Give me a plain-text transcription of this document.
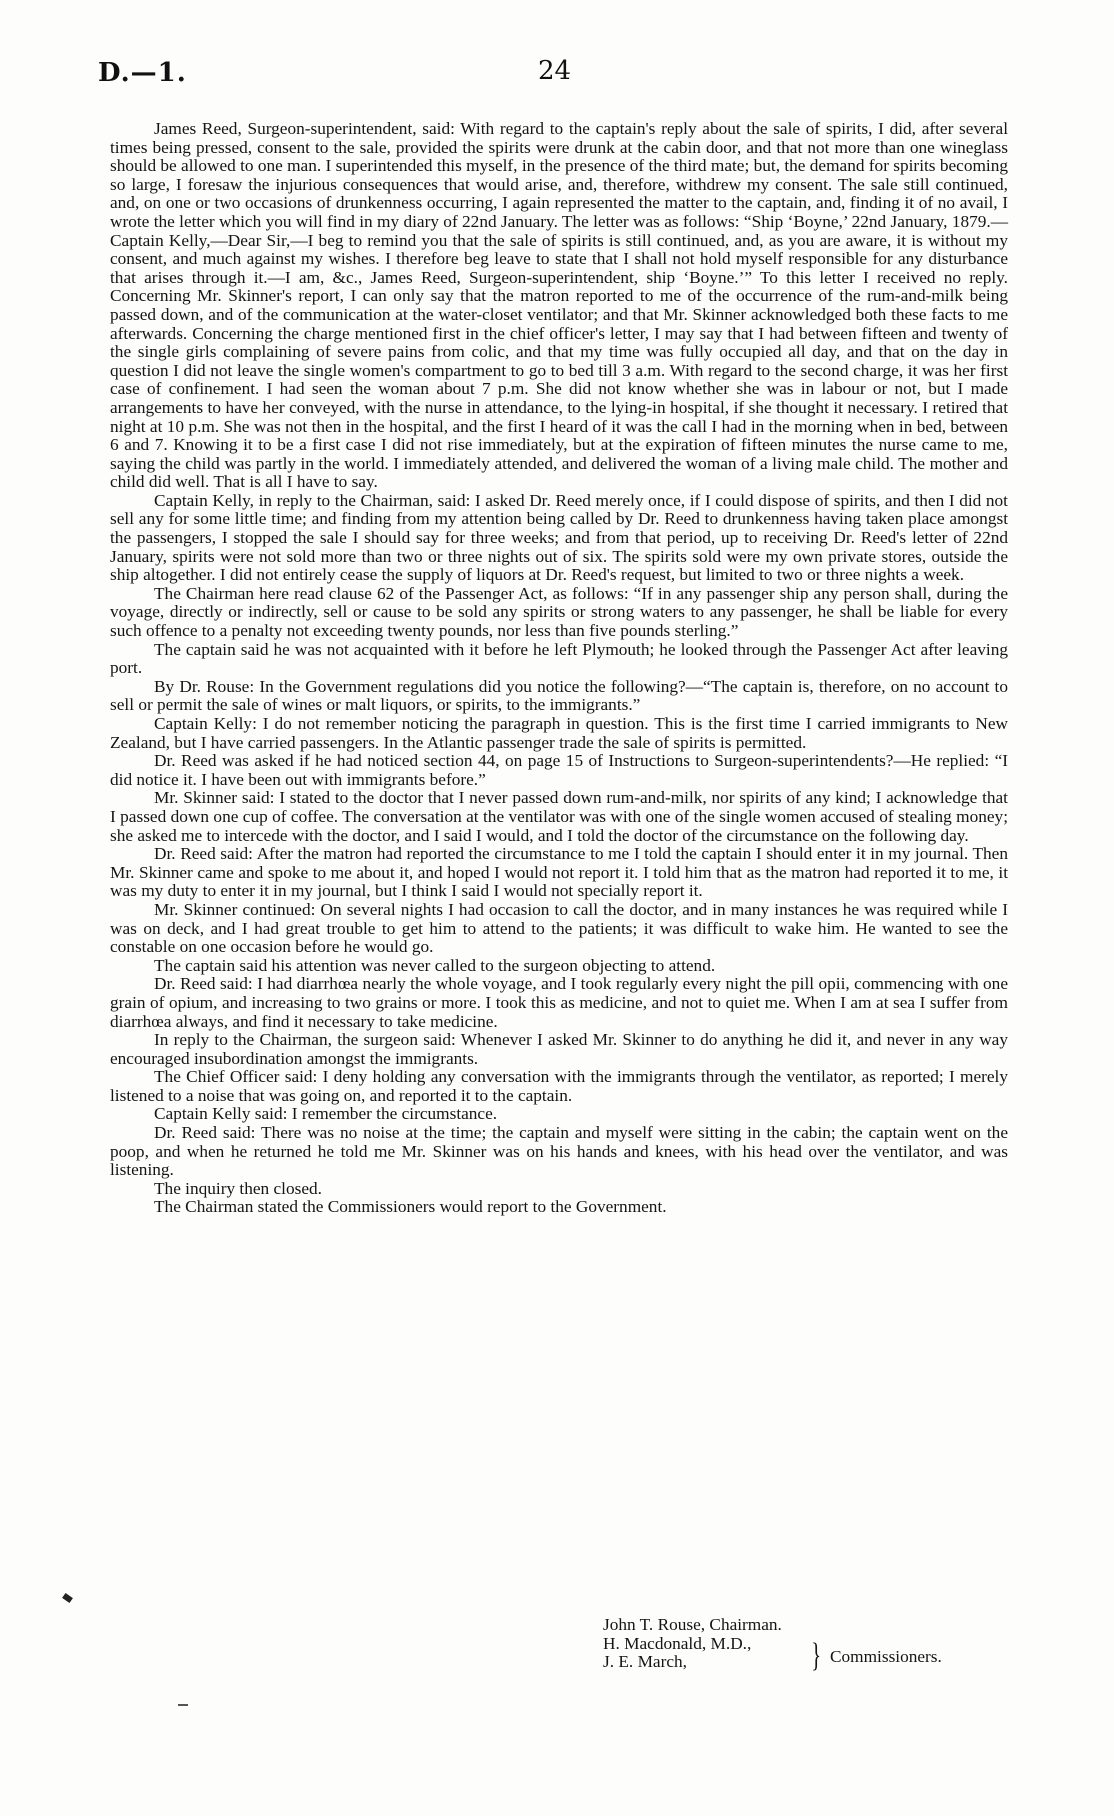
D.—1.	24

James Reed, Surgeon-superintendent, said: With regard to the captain's reply about the sale of spirits, I did, after several times being pressed, consent to the sale, provided the spirits were drunk at the cabin door, and that not more than one wineglass should be allowed to one man. I superintended this myself, in the presence of the third mate; but, the demand for spirits becoming so large, I foresaw the injurious consequences that would arise, and, therefore, withdrew my consent. The sale still continued, and, on one or two occasions of drunkenness occurring, I again represented the matter to the captain, and, finding it of no avail, I wrote the letter which you will find in my diary of 22nd January. The letter was as follows: “Ship ‘Boyne,’ 22nd January, 1879.—Captain Kelly,—Dear Sir,—I beg to remind you that the sale of spirits is still continued, and, as you are aware, it is without my consent, and much against my wishes. I therefore beg leave to state that I shall not hold myself responsible for any disturbance that arises through it.—I am, &c., James Reed, Surgeon-superintendent, ship ‘Boyne.’” To this letter I received no reply. Concerning Mr. Skinner's report, I can only say that the matron reported to me of the occurrence of the rum-and-milk being passed down, and of the communication at the water-closet ventilator; and that Mr. Skinner acknowledged both these facts to me afterwards. Concerning the charge mentioned first in the chief officer's letter, I may say that I had between fifteen and twenty of the single girls complaining of severe pains from colic, and that my time was fully occupied all day, and that on the day in question I did not leave the single women's compartment to go to bed till 3 a.m. With regard to the second charge, it was her first case of confinement. I had seen the woman about 7 p.m. She did not know whether she was in labour or not, but I made arrangements to have her conveyed, with the nurse in attendance, to the lying-in hospital, if she thought it necessary. I retired that night at 10 p.m. She was not then in the hospital, and the first I heard of it was the call I had in the morning when in bed, between 6 and 7. Knowing it to be a first case I did not rise immediately, but at the expiration of fifteen minutes the nurse came to me, saying the child was partly in the world. I immediately attended, and delivered the woman of a living male child. The mother and child did well. That is all I have to say.

Captain Kelly, in reply to the Chairman, said: I asked Dr. Reed merely once, if I could dispose of spirits, and then I did not sell any for some little time; and finding from my attention being called by Dr. Reed to drunkenness having taken place amongst the passengers, I stopped the sale I should say for three weeks; and from that period, up to receiving Dr. Reed's letter of 22nd January, spirits were not sold more than two or three nights out of six. The spirits sold were my own private stores, outside the ship altogether. I did not entirely cease the supply of liquors at Dr. Reed's request, but limited to two or three nights a week.

The Chairman here read clause 62 of the Passenger Act, as follows: “If in any passenger ship any person shall, during the voyage, directly or indirectly, sell or cause to be sold any spirits or strong waters to any passenger, he shall be liable for every such offence to a penalty not exceeding twenty pounds, nor less than five pounds sterling.”

The captain said he was not acquainted with it before he left Plymouth; he looked through the Passenger Act after leaving port.

By Dr. Rouse: In the Government regulations did you notice the following?—“The captain is, therefore, on no account to sell or permit the sale of wines or malt liquors, or spirits, to the immigrants.”

Captain Kelly: I do not remember noticing the paragraph in question. This is the first time I carried immigrants to New Zealand, but I have carried passengers. In the Atlantic passenger trade the sale of spirits is permitted.

Dr. Reed was asked if he had noticed section 44, on page 15 of Instructions to Surgeon-superintendents?—He replied: “I did notice it. I have been out with immigrants before.”

Mr. Skinner said: I stated to the doctor that I never passed down rum-and-milk, nor spirits of any kind; I acknowledge that I passed down one cup of coffee. The conversation at the ventilator was with one of the single women accused of stealing money; she asked me to intercede with the doctor, and I said I would, and I told the doctor of the circumstance on the following day.

Dr. Reed said: After the matron had reported the circumstance to me I told the captain I should enter it in my journal. Then Mr. Skinner came and spoke to me about it, and hoped I would not report it. I told him that as the matron had reported it to me, it was my duty to enter it in my journal, but I think I said I would not specially report it.

Mr. Skinner continued: On several nights I had occasion to call the doctor, and in many instances he was required while I was on deck, and I had great trouble to get him to attend to the patients; it was difficult to wake him. He wanted to see the constable on one occasion before he would go.

The captain said his attention was never called to the surgeon objecting to attend.

Dr. Reed said: I had diarrhœa nearly the whole voyage, and I took regularly every night the pill opii, commencing with one grain of opium, and increasing to two grains or more. I took this as medicine, and not to quiet me. When I am at sea I suffer from diarrhœa always, and find it necessary to take medicine.

In reply to the Chairman, the surgeon said: Whenever I asked Mr. Skinner to do anything he did it, and never in any way encouraged insubordination amongst the immigrants.

The Chief Officer said: I deny holding any conversation with the immigrants through the ventilator, as reported; I merely listened to a noise that was going on, and reported it to the captain.

Captain Kelly said: I remember the circumstance.

Dr. Reed said: There was no noise at the time; the captain and myself were sitting in the cabin; the captain went on the poop, and when he returned he told me Mr. Skinner was on his hands and knees, with his head over the ventilator, and was listening.

The inquiry then closed.

The Chairman stated the Commissioners would report to the Government.

John T. Rouse, Chairman.
H. Macdonald, M.D.,
J. E. March,	} Commissioners.
